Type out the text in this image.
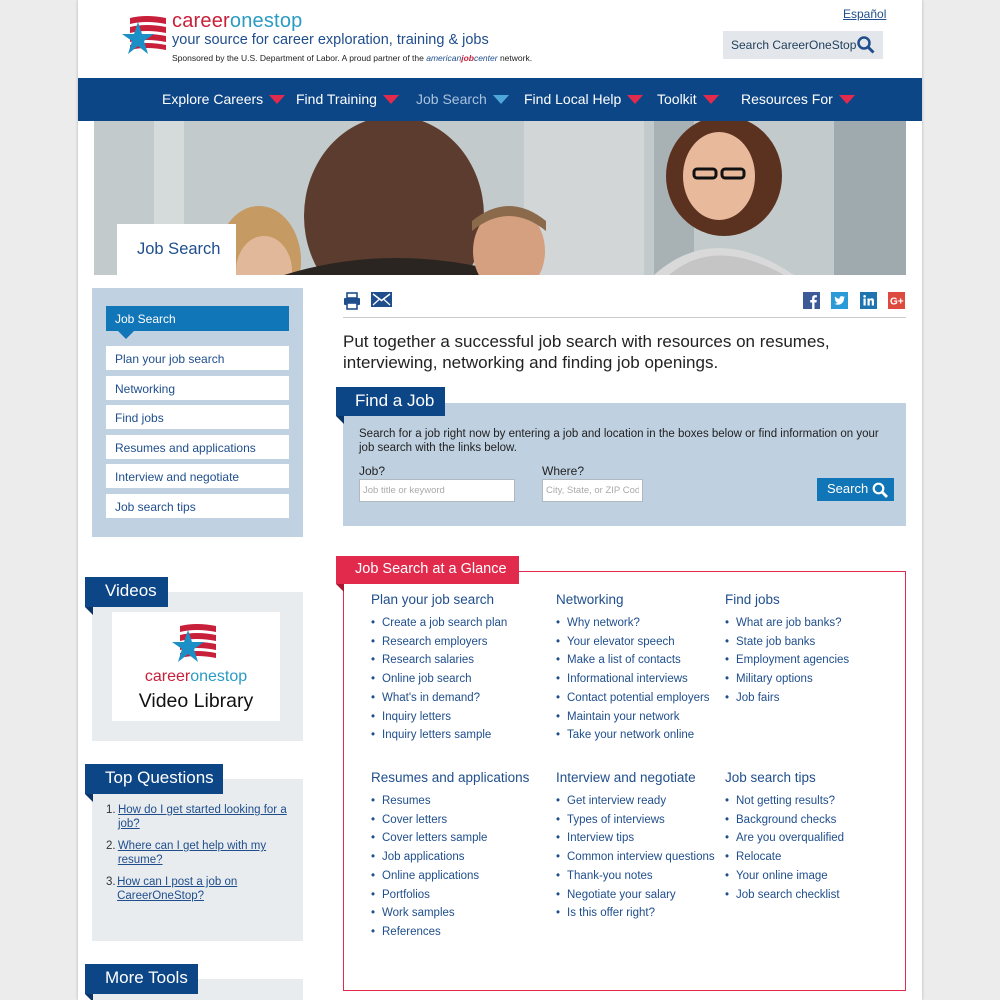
careeronestop
your source for career exploration, training & jobs
Sponsored by the U.S. Department of Labor. A proud partner of the americanjobcenter network.
Español
Search CareerOneStop
Explore Careers Find Training	Job Search	Find Local Help	Toolkit	Resources For
Job Search
Job Search
Plan your job search
Networking
Find jobs
Resumes and applications
Interview and negotiate
Job search tips
careeronestop
Video Library
Videos
1. How do I get started looking for a job?
2. Where can I get help with my resume?
3. How can I post a job on CareerOneStop?
Top Questions
More Tools
G+
Put together a successful job search with resources on resumes, interviewing, networking and finding job openings.
Search for a job right now by entering a job and location in the boxes below or find information on your job search with the links below.
Job?
Job title or keyword	Where?
City, State, or ZIP Code
Search
Find a Job
Plan your job search
• Create a job search plan
• Research employers
• Research salaries
• Online job search
• What's in demand?
• Inquiry letters
• Inquiry letters sample
Networking
• Why network?
• Your elevator speech
• Make a list of contacts
• Informational interviews
• Contact potential employers
• Maintain your network
• Take your network online
Find jobs
• What are job banks?
• State job banks
• Employment agencies
• Military options
• Job fairs
Resumes and applications
• Resumes
• Cover letters
• Cover letters sample
• Job applications
• Online applications
• Portfolios
• Work samples
• References
Interview and negotiate
• Get interview ready
• Types of interviews
• Interview tips
• Common interview questions
• Thank-you notes
• Negotiate your salary
• Is this offer right?
Job search tips
• Not getting results?
• Background checks
• Are you overqualified
• Relocate
• Your online image
• Job search checklist
Job Search at a Glance
